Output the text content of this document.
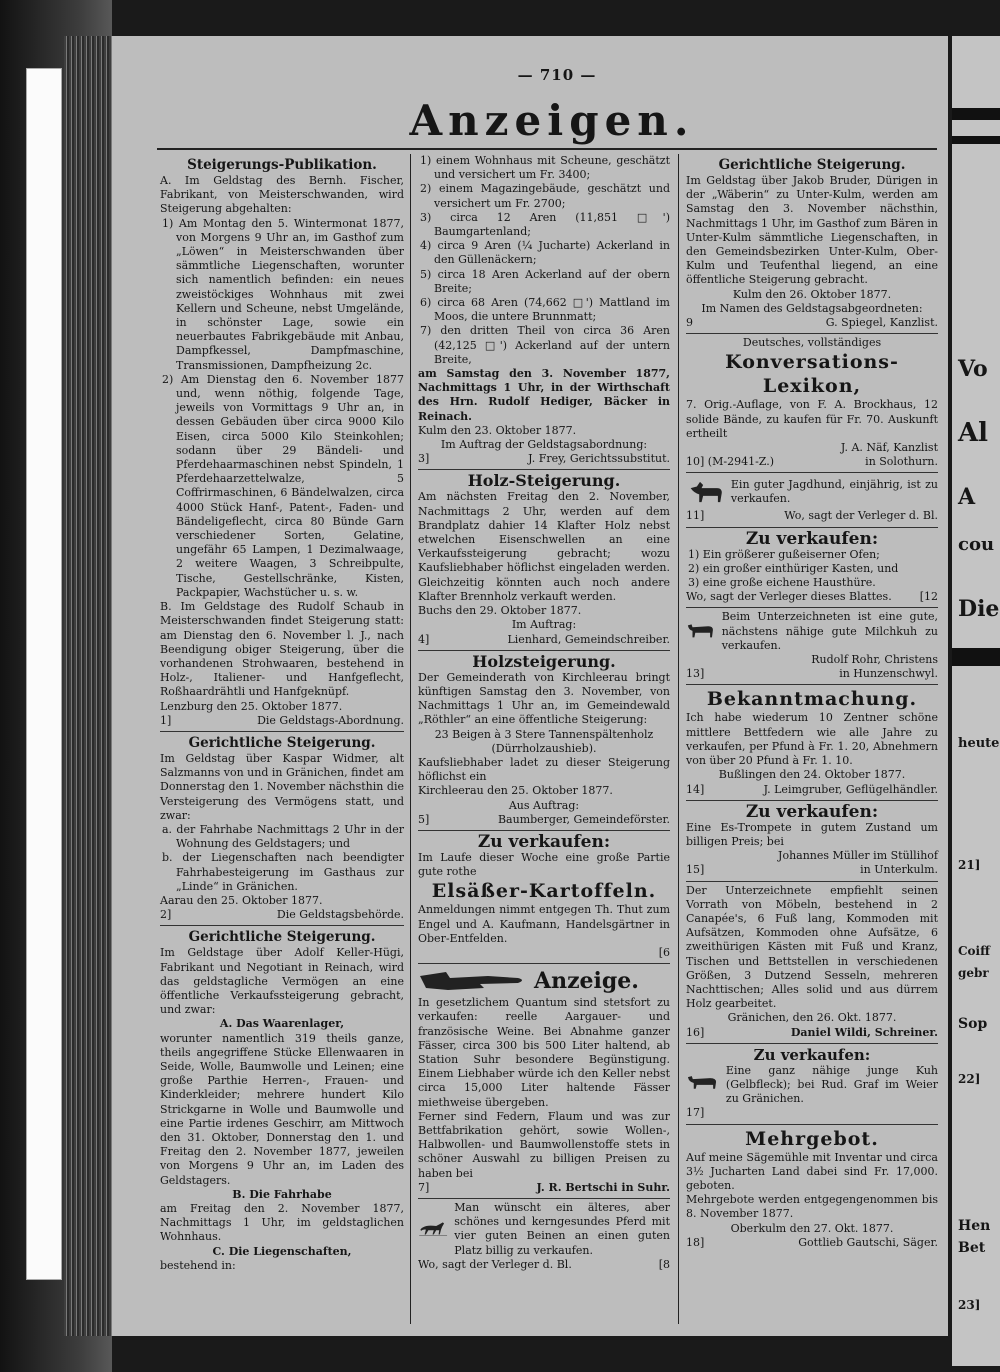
Vo
Al
A
cou
Die
heute
21]
Coiff
gebr
Sop
22]
Hen
Bet
23]
— 710 —
Anzeigen.
Steigerungs-Publikation.

A. Im Geldstag des Bernh. Fischer, Fabrikant, von Meisterschwanden, wird Steigerung abgehalten:

1) Am Montag den 5. Wintermonat 1877, von Morgens 9 Uhr an, im Gasthof zum „Löwen“ in Meisterschwanden über sämmtliche Liegenschaften, worunter sich namentlich befinden: ein neues zweistöckiges Wohnhaus mit zwei Kellern und Scheune, nebst Umgelände, in schönster Lage, sowie ein neuerbautes Fabrikgebäude mit Anbau, Dampfkessel, Dampfmaschine, Transmissionen, Dampfheizung 2c.

2) Am Dienstag den 6. November 1877 und, wenn nöthig, folgende Tage, jeweils von Vormittags 9 Uhr an, in dessen Gebäuden über circa 9000 Kilo Eisen, circa 5000 Kilo Steinkohlen; sodann über 29 Bändeli- und Pferdehaarmaschinen nebst Spindeln, 1 Pferdehaarzettelwalze, 5 Coffrirmaschinen, 6 Bändelwalzen, circa 4000 Stück Hanf-, Patent-, Faden- und Bändeligeflecht, circa 80 Bünde Garn verschiedener Sorten, Gelatine, ungefähr 65 Lampen, 1 Dezimalwaage, 2 weitere Waagen, 3 Schreibpulte, Tische, Gestellschränke, Kisten, Packpapier, Wachstücher u. s. w.

B. Im Geldstage des Rudolf Schaub in Meisterschwanden findet Steigerung statt: am Dienstag den 6. November l. J., nach Beendigung obiger Steigerung, über die vorhandenen Strohwaaren, bestehend in Holz-, Italiener- und Hanfgeflecht, Roßhaardrähtli und Hanfgeknüpf.

Lenzburg den 25. Oktober 1877.

1]	Die Geldstags-Abordnung.
Gerichtliche Steigerung.

Im Geldstag über Kaspar Widmer, alt Salzmanns von und in Gränichen, findet am Donnerstag den 1. November nächsthin die Versteigerung des Vermögens statt, und zwar:

a. der Fahrhabe Nachmittags 2 Uhr in der Wohnung des Geldstagers; und

b. der Liegenschaften nach beendigter Fahrhabesteigerung im Gasthaus zur „Linde“ in Gränichen.

Aarau den 25. Oktober 1877.

2]	Die Geldstagsbehörde.
Gerichtliche Steigerung.

Im Geldstage über Adolf Keller-Hügi, Fabrikant und Negotiant in Reinach, wird das geldstagliche Vermögen an eine öffentliche Verkaufssteigerung gebracht, und zwar:

A. Das Waarenlager,

worunter namentlich 319 theils ganze, theils angegriffene Stücke Ellenwaaren in Seide, Wolle, Baumwolle und Leinen; eine große Parthie Herren-, Frauen- und Kinderkleider; mehrere hundert Kilo Strickgarne in Wolle und Baumwolle und eine Partie irdenes Geschirr, am Mittwoch den 31. Oktober, Donnerstag den 1. und Freitag den 2. November 1877, jeweilen von Morgens 9 Uhr an, im Laden des Geldstagers.

B. Die Fahrhabe

am Freitag den 2. November 1877, Nachmittags 1 Uhr, im geldstaglichen Wohnhaus.

C. Die Liegenschaften,

bestehend in:

1) einem Wohnhaus mit Scheune, geschätzt und versichert um Fr. 3400;

2) einem Magazingebäude, geschätzt und versichert um Fr. 2700;

3) circa 12 Aren (11,851 □') Baumgartenland;

4) circa 9 Aren (¼ Jucharte) Ackerland in den Güllenäckern;

5) circa 18 Aren Ackerland auf der obern Breite;

6) circa 68 Aren (74,662 □') Mattland im Moos, die untere Brunnmatt;

7) den dritten Theil von circa 36 Aren (42,125 □') Ackerland auf der untern Breite,

am Samstag den 3. November 1877, Nachmittags 1 Uhr, in der Wirthschaft des Hrn. Rudolf Hediger, Bäcker in Reinach.

Kulm den 23. Oktober 1877.

Im Auftrag der Geldstagsabordnung:

3]	J. Frey, Gerichtssubstitut.
Holz-Steigerung.

Am nächsten Freitag den 2. November, Nachmittags 2 Uhr, werden auf dem Brandplatz dahier 14 Klafter Holz nebst etwelchen Eisenschwellen an eine Verkaufssteigerung gebracht; wozu Kaufsliebhaber höflichst eingeladen werden. Gleichzeitig könnten auch noch andere Klafter Brennholz verkauft werden.

Buchs den 29. Oktober 1877.

Im Auftrag:

4]	Lienhard, Gemeindschreiber.
Holzsteigerung.

Der Gemeinderath von Kirchleerau bringt künftigen Samstag den 3. November, von Nachmittags 1 Uhr an, im Gemeindewald „Röthler“ an eine öffentliche Steigerung:

23 Beigen à 3 Stere Tannenspältenholz (Dürrholzaushieb).

Kaufsliebhaber ladet zu dieser Steigerung höflichst ein

Kirchleerau den 25. Oktober 1877.

Aus Auftrag:

5]	Baumberger, Gemeindeförster.
Zu verkaufen:

Im Laufe dieser Woche eine große Partie gute rothe

Elsäßer-Kartoffeln.

Anmeldungen nimmt entgegen Th. Thut zum Engel und A. Kaufmann, Handelsgärtner in Ober-Entfelden.

[6
Anzeige.

In gesetzlichem Quantum sind stetsfort zu verkaufen: reelle Aargauer- und französische Weine. Bei Abnahme ganzer Fässer, circa 300 bis 500 Liter haltend, ab Station Suhr besondere Begünstigung. Einem Liebhaber würde ich den Keller nebst circa 15,000 Liter haltende Fässer miethweise übergeben.

Ferner sind Federn, Flaum und was zur Bettfabrikation gehört, sowie Wollen-, Halbwollen- und Baumwollenstoffe stets in schöner Auswahl zu billigen Preisen zu haben bei

7]	J. R. Bertschi in Suhr.

Man wünscht ein älteres, aber schönes und kerngesundes Pferd mit vier guten Beinen an einen guten Platz billig zu verkaufen.

Wo, sagt der Verleger d. Bl.	[8
Gerichtliche Steigerung.

Im Geldstag über Jakob Bruder, Dürigen in der „Wäberin“ zu Unter-Kulm, werden am Samstag den 3. November nächsthin, Nachmittags 1 Uhr, im Gasthof zum Bären in Unter-Kulm sämmtliche Liegenschaften, in den Gemeindsbezirken Unter-Kulm, Ober-Kulm und Teufenthal liegend, an eine öffentliche Steigerung gebracht.

Kulm den 26. Oktober 1877.

Im Namen des Geldstagsabgeordneten:

9	G. Spiegel, Kanzlist.

Deutsches, vollständiges

Konversations-Lexikon,

7. Orig.-Auflage, von F. A. Brockhaus, 12 solide Bände, zu kaufen für Fr. 70. Auskunft ertheilt

J. A. Näf, Kanzlist

10] (M-2941-Z.)	in Solothurn.

Ein guter Jagdhund, einjährig, ist zu verkaufen.

11]	Wo, sagt der Verleger d. Bl.
Zu verkaufen:

1) Ein größerer gußeiserner Ofen;

2) ein großer einthüriger Kasten, und

3) eine große eichene Hausthüre.

Wo, sagt der Verleger dieses Blattes.	[12

Beim Unterzeichneten ist eine gute, nächstens nähige gute Milchkuh zu verkaufen.

Rudolf Rohr, Christens

13]	in Hunzenschwyl.
Bekanntmachung.

Ich habe wiederum 10 Zentner schöne mittlere Bettfedern wie alle Jahre zu verkaufen, per Pfund à Fr. 1. 20, Abnehmern von über 20 Pfund à Fr. 1. 10.

Bußlingen den 24. Oktober 1877.

14]	J. Leimgruber, Geflügelhändler.
Zu verkaufen:

Eine Es-Trompete in gutem Zustand um billigen Preis; bei

Johannes Müller im Stüllihof

15]	in Unterkulm.

Der Unterzeichnete empfiehlt seinen Vorrath von Möbeln, bestehend in 2 Canapée's, 6 Fuß lang, Kommoden mit Aufsätzen, Kommoden ohne Aufsätze, 6 zweithürigen Kästen mit Fuß und Kranz, Tischen und Bettstellen in verschiedenen Größen, 3 Dutzend Sesseln, mehreren Nachttischen; Alles solid und aus dürrem Holz gearbeitet.

Gränichen, den 26. Okt. 1877.

16]	Daniel Wildi, Schreiner.
Zu verkaufen:

Eine ganz nähige junge Kuh (Gelbfleck); bei Rud. Graf im Weier zu Gränichen.

17]
Mehrgebot.

Auf meine Sägemühle mit Inventar und circa 3½ Jucharten Land dabei sind Fr. 17,000. geboten.

Mehrgebote werden entgegengenommen bis 8. November 1877.

Oberkulm den 27. Okt. 1877.

18]	Gottlieb Gautschi, Säger.
